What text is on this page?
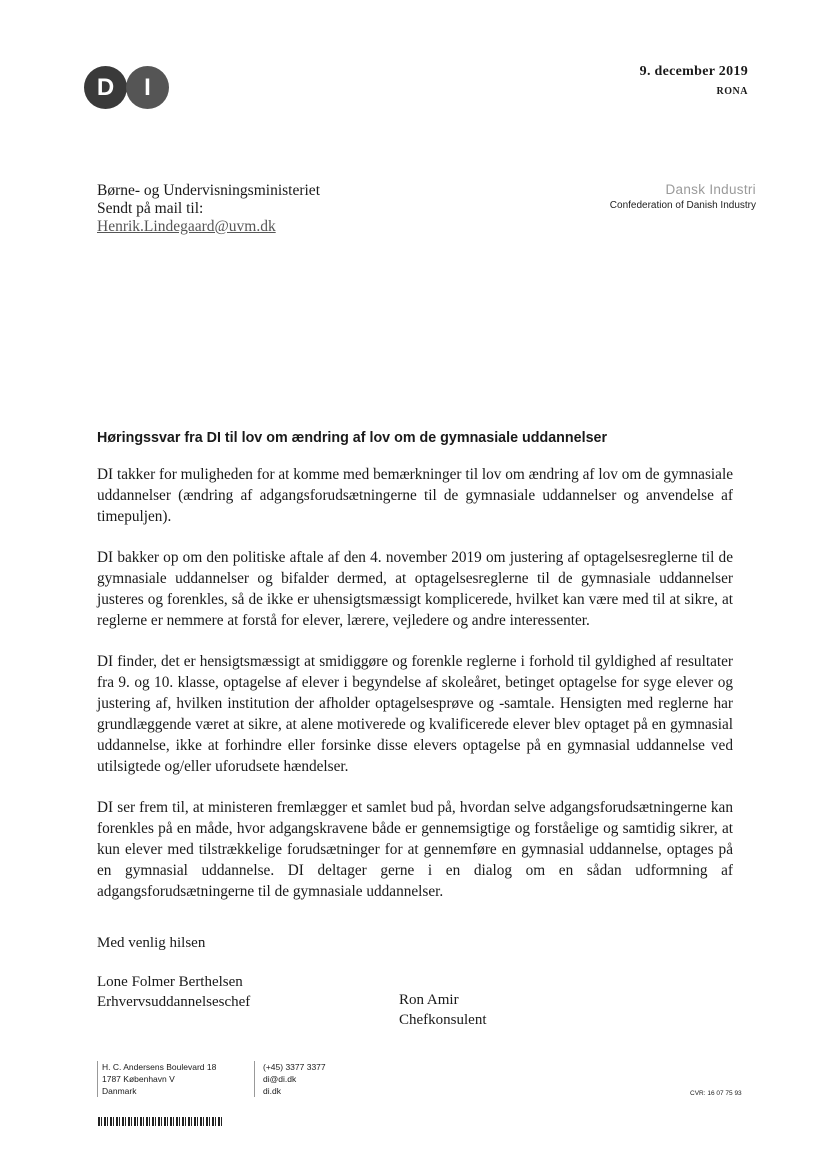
D	I
9. december 2019
RONA
Børne- og Undervisningsministeriet
Sendt på mail til:
Henrik.Lindegaard@uvm.dk
Dansk Industri
Confederation of Danish Industry
Høringssvar fra DI til lov om ændring af lov om de gymnasiale uddannelser

DI takker for muligheden for at komme med bemærkninger til lov om ændring af lov om de gymnasiale uddannelser (ændring af adgangsforudsætningerne til de gymnasiale uddannelser og anvendelse af timepuljen).

DI bakker op om den politiske aftale af den 4. november 2019 om justering af optagelsesreglerne til de gymnasiale uddannelser og bifalder dermed, at optagelsesreglerne til de gymnasiale uddannelser justeres og forenkles, så de ikke er uhensigtsmæssigt komplicerede, hvilket kan være med til at sikre, at reglerne er nemmere at forstå for elever, lærere, vejledere og andre interessenter.

DI finder, det er hensigtsmæssigt at smidiggøre og forenkle reglerne i forhold til gyldighed af resultater fra 9. og 10. klasse, optagelse af elever i begyndelse af skoleåret, betinget optagelse for syge elever og justering af, hvilken institution der afholder optagelsesprøve og -samtale. Hensigten med reglerne har grundlæggende været at sikre, at alene motiverede og kvalificerede elever blev optaget på en gymnasial uddannelse, ikke at forhindre eller forsinke disse elevers optagelse på en gymnasial uddannelse ved utilsigtede og/eller uforudsete hændelser.

DI ser frem til, at ministeren fremlægger et samlet bud på, hvordan selve adgangsforudsætningerne kan forenkles på en måde, hvor adgangskravene både er gennemsigtige og forståelige og samtidig sikrer, at kun elever med tilstrækkelige forudsætninger for at gennemføre en gymnasial uddannelse, optages på en gymnasial uddannelse. DI deltager gerne i en dialog om en sådan udformning af adgangsforudsætningerne til de gymnasiale uddannelser.

Med venlig hilsen
Lone Folmer Berthelsen
Erhvervsuddannelseschef	Ron Amir
Chefkonsulent
H. C. Andersens Boulevard 18
1787 København V
Danmark
(+45) 3377 3377
di@di.dk
di.dk	CVR: 16 07 75 93
